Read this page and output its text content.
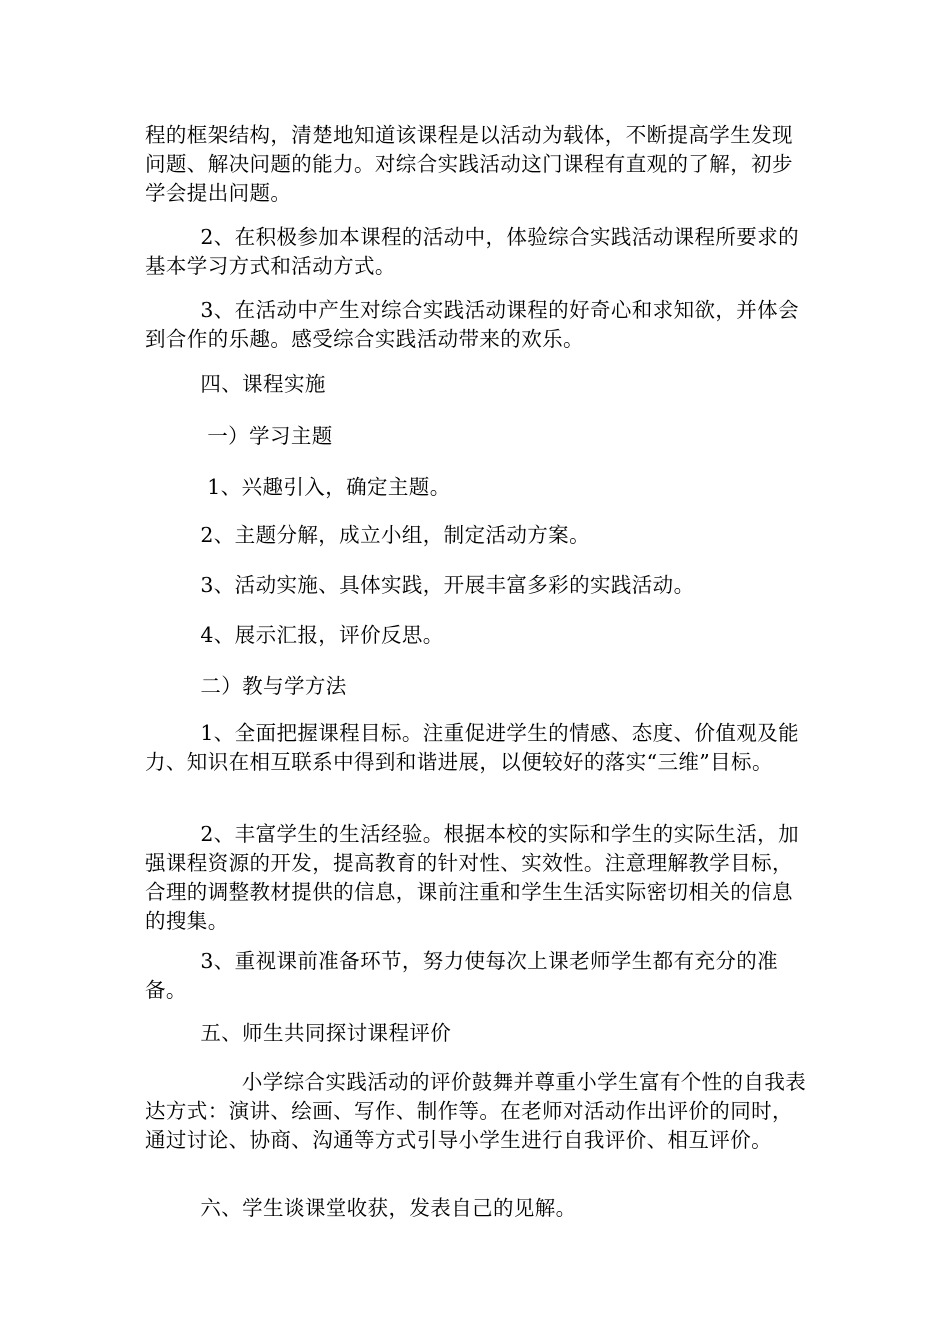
程的框架结构，清楚地知道该课程是以活动为载体，不断提高学生发现问题、解决问题的能力。对综合实践活动这门课程有直观的了解，初步学会提出问题。

2、在积极参加本课程的活动中，体验综合实践活动课程所要求的基本学习方式和活动方式。

3、在活动中产生对综合实践活动课程的好奇心和求知欲，并体会到合作的乐趣。感受综合实践活动带来的欢乐。

四、课程实施

一）学习主题

1、兴趣引入，确定主题。

2、主题分解，成立小组，制定活动方案。

3、活动实施、具体实践，开展丰富多彩的实践活动。

4、展示汇报，评价反思。

二）教与学方法

1、全面把握课程目标。注重促进学生的情感、态度、价值观及能力、知识在相互联系中得到和谐进展，以便较好的落实“三维”目标。

2、丰富学生的生活经验。根据本校的实际和学生的实际生活，加强课程资源的开发，提高教育的针对性、实效性。注意理解教学目标，合理的调整教材提供的信息，课前注重和学生生活实际密切相关的信息的搜集。

3、重视课前准备环节，努力使每次上课老师学生都有充分的准备。

五、师生共同探讨课程评价

小学综合实践活动的评价鼓舞并尊重小学生富有个性的自我表达方式：演讲、绘画、写作、制作等。在老师对活动作出评价的同时，通过讨论、协商、沟通等方式引导小学生进行自我评价、相互评价。

六、学生谈课堂收获，发表自己的见解。
